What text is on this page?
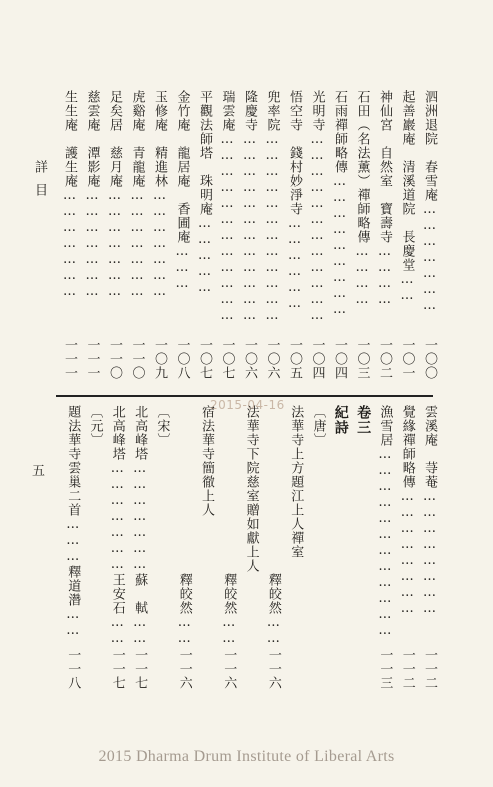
詳目
五
泗洲退院　春雪庵…………………
一〇〇
起善巖庵　清溪道院　長慶堂……
一〇一
神仙宮　自然室　寶壽寺…………
一〇二
石田（名法薰）禪師略傳…………
一〇三
石雨禪師略傳………………………
一〇四
光明寺………………………………
一〇四
悟空寺　錢村妙淨寺………………
一〇五
兜率院………………………………
一〇六
隆慶寺………………………………
一〇六
瑞雲庵………………………………
一〇七
平觀法師塔　珠明庵……………
一〇七
金竹庵　龍居庵　香圃庵………
一〇八
玉修庵　精進林…………………
一〇九
虎谿庵　青龍庵…………………
一一〇
足矣居　慈月庵…………………
一一〇
慈雲庵　潭影庵…………………
一一一
生生庵　護生庵…………………
一一一
2015-04-16	雲溪庵　䒭菴……………………
一一二
覺緣禪師略傳……………………
一一二
漁雪居………………………………
一一三
卷三
紀詩
〔唐〕
法華寺上方題江上人禪室
　　　　　　　　　　　　釋皎然……
一一六
法華寺下院慈室贈如獻上人
　　　　　　　　　　　　釋皎然……
一一六
宿法華寺簡徹上人
　　　　　　　　　　　　釋皎然……
一一六
〔宋〕
北高峰塔…………………蘇　軾……
一一七
北高峰塔…………………王安石……
一一七
〔元〕
題法華寺雲巢二首………釋道濳……
一一八
2015 Dharma Drum Institute of Liberal Arts
